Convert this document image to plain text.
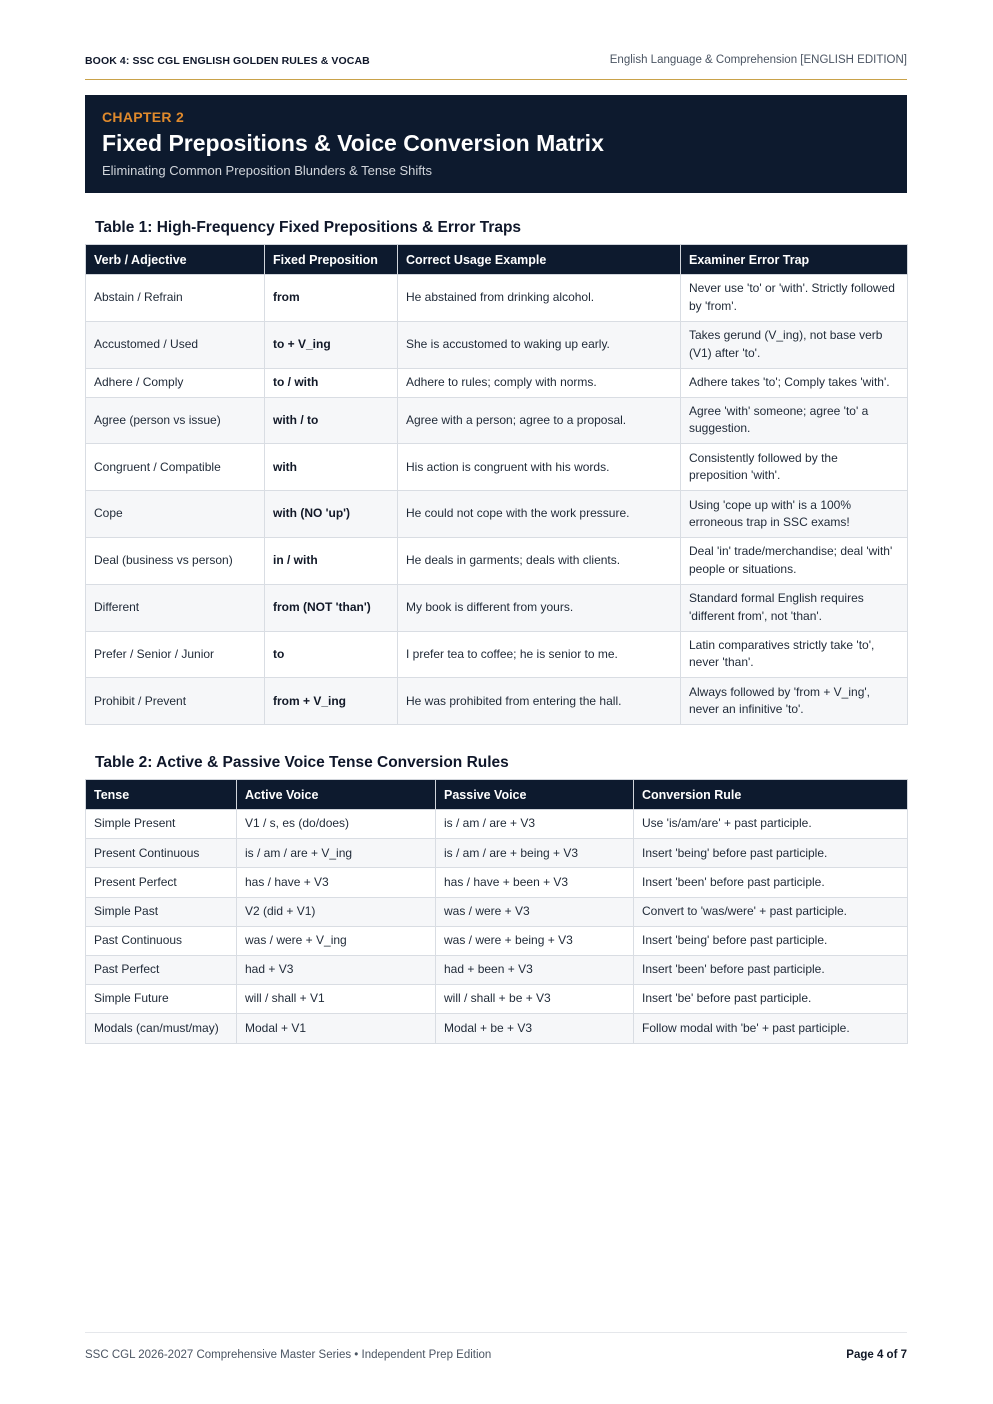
BOOK 4: SSC CGL ENGLISH GOLDEN RULES & VOCAB	English Language & Comprehension [ENGLISH EDITION]
CHAPTER 2
Fixed Prepositions & Voice Conversion Matrix
Eliminating Common Preposition Blunders & Tense Shifts
Table 1: High-Frequency Fixed Prepositions & Error Traps
Verb / Adjective	Fixed Preposition	Correct Usage Example	Examiner Error Trap
Abstain / Refrain	from	He abstained from drinking alcohol.	Never use 'to' or 'with'. Strictly followed by 'from'.
Accustomed / Used	to + V_ing	She is accustomed to waking up early.	Takes gerund (V_ing), not base verb (V1) after 'to'.
Adhere / Comply	to / with	Adhere to rules; comply with norms.	Adhere takes 'to'; Comply takes 'with'.
Agree (person vs issue)	with / to	Agree with a person; agree to a proposal.	Agree 'with' someone; agree 'to' a suggestion.
Congruent / Compatible	with	His action is congruent with his words.	Consistently followed by the preposition 'with'.
Cope	with (NO 'up')	He could not cope with the work pressure.	Using 'cope up with' is a 100% erroneous trap in SSC exams!
Deal (business vs person)	in / with	He deals in garments; deals with clients.	Deal 'in' trade/merchandise; deal 'with' people or situations.
Different	from (NOT 'than')	My book is different from yours.	Standard formal English requires 'different from', not 'than'.
Prefer / Senior / Junior	to	I prefer tea to coffee; he is senior to me.	Latin comparatives strictly take 'to', never 'than'.
Prohibit / Prevent	from + V_ing	He was prohibited from entering the hall.	Always followed by 'from + V_ing', never an infinitive 'to'.
Table 2: Active & Passive Voice Tense Conversion Rules
Tense	Active Voice	Passive Voice	Conversion Rule
Simple Present	V1 / s, es (do/does)	is / am / are + V3	Use 'is/am/are' + past participle.
Present Continuous	is / am / are + V_ing	is / am / are + being + V3	Insert 'being' before past participle.
Present Perfect	has / have + V3	has / have + been + V3	Insert 'been' before past participle.
Simple Past	V2 (did + V1)	was / were + V3	Convert to 'was/were' + past participle.
Past Continuous	was / were + V_ing	was / were + being + V3	Insert 'being' before past participle.
Past Perfect	had + V3	had + been + V3	Insert 'been' before past participle.
Simple Future	will / shall + V1	will / shall + be + V3	Insert 'be' before past participle.
Modals (can/must/may)	Modal + V1	Modal + be + V3	Follow modal with 'be' + past participle.
SSC CGL 2026-2027 Comprehensive Master Series • Independent Prep Edition	Page 4 of 7
